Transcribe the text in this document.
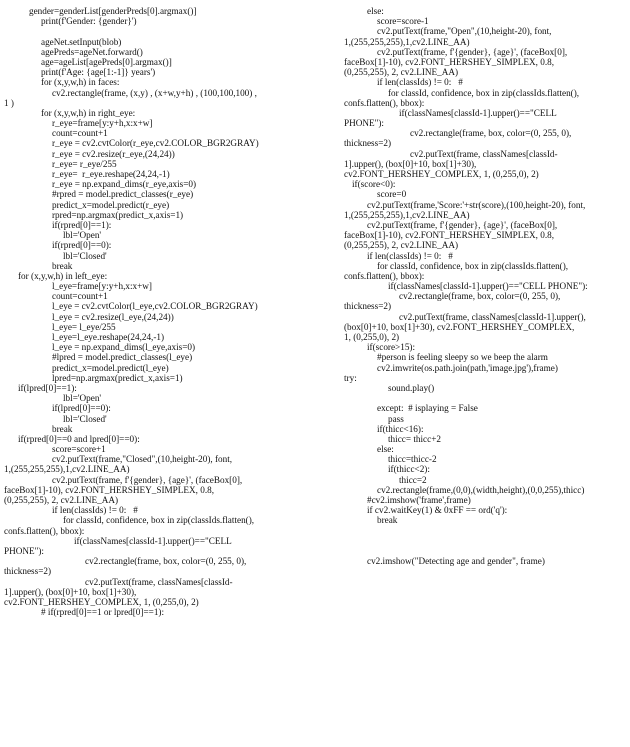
gender=genderList[genderPreds[0].argmax()]
print(f'Gender: {gender}')
ageNet.setInput(blob)
agePreds=ageNet.forward()
age=ageList[agePreds[0].argmax()]
print(f'Age: {age[1:-1]} years')
for (x,y,w,h) in faces:
cv2.rectangle(frame, (x,y) , (x+w,y+h) , (100,100,100) ,
1 )
for (x,y,w,h) in right_eye:
r_eye=frame[y:y+h,x:x+w]
count=count+1
r_eye = cv2.cvtColor(r_eye,cv2.COLOR_BGR2GRAY)
r_eye = cv2.resize(r_eye,(24,24))
r_eye= r_eye/255
r_eye=  r_eye.reshape(24,24,-1)
r_eye = np.expand_dims(r_eye,axis=0)
#rpred = model.predict_classes(r_eye)
predict_x=model.predict(r_eye)
rpred=np.argmax(predict_x,axis=1)
if(rpred[0]==1):
lbl='Open'
if(rpred[0]==0):
lbl='Closed'
break
for (x,y,w,h) in left_eye:
l_eye=frame[y:y+h,x:x+w]
count=count+1
l_eye = cv2.cvtColor(l_eye,cv2.COLOR_BGR2GRAY)
l_eye = cv2.resize(l_eye,(24,24))
l_eye= l_eye/255
l_eye=l_eye.reshape(24,24,-1)
l_eye = np.expand_dims(l_eye,axis=0)
#lpred = model.predict_classes(l_eye)
predict_x=model.predict(l_eye)
lpred=np.argmax(predict_x,axis=1)
if(lpred[0]==1):
lbl='Open'
if(lpred[0]==0):
lbl='Closed'
break
if(rpred[0]==0 and lpred[0]==0):
score=score+1
cv2.putText(frame,"Closed",(10,height-20), font,
1,(255,255,255),1,cv2.LINE_AA)
cv2.putText(frame, f'{gender}, {age}', (faceBox[0],
faceBox[1]-10), cv2.FONT_HERSHEY_SIMPLEX, 0.8,
(0,255,255), 2, cv2.LINE_AA)
if len(classIds) != 0:   #
for classId, confidence, box in zip(classIds.flatten(),
confs.flatten(), bbox):
if(classNames[classId-1].upper()=="CELL
PHONE"):
cv2.rectangle(frame, box, color=(0, 255, 0),
thickness=2)
cv2.putText(frame, classNames[classId-
1].upper(), (box[0]+10, box[1]+30),
cv2.FONT_HERSHEY_COMPLEX, 1, (0,255,0), 2)
# if(rpred[0]==1 or lpred[0]==1):
else:
score=score-1
cv2.putText(frame,"Open",(10,height-20), font,
1,(255,255,255),1,cv2.LINE_AA)
cv2.putText(frame, f'{gender}, {age}', (faceBox[0],
faceBox[1]-10), cv2.FONT_HERSHEY_SIMPLEX, 0.8,
(0,255,255), 2, cv2.LINE_AA)
if len(classIds) != 0:   #
for classId, confidence, box in zip(classIds.flatten(),
confs.flatten(), bbox):
if(classNames[classId-1].upper()=="CELL
PHONE"):
cv2.rectangle(frame, box, color=(0, 255, 0),
thickness=2)
cv2.putText(frame, classNames[classId-
1].upper(), (box[0]+10, box[1]+30),
cv2.FONT_HERSHEY_COMPLEX, 1, (0,255,0), 2)
if(score<0):
score=0
cv2.putText(frame,'Score:'+str(score),(100,height-20), font,
1,(255,255,255),1,cv2.LINE_AA)
cv2.putText(frame, f'{gender}, {age}', (faceBox[0],
faceBox[1]-10), cv2.FONT_HERSHEY_SIMPLEX, 0.8,
(0,255,255), 2, cv2.LINE_AA)
if len(classIds) != 0:   #
for classId, confidence, box in zip(classIds.flatten(),
confs.flatten(), bbox):
if(classNames[classId-1].upper()=="CELL PHONE"):
cv2.rectangle(frame, box, color=(0, 255, 0),
thickness=2)
cv2.putText(frame, classNames[classId-1].upper(),
(box[0]+10, box[1]+30), cv2.FONT_HERSHEY_COMPLEX,
1, (0,255,0), 2)
if(score>15):
#person is feeling sleepy so we beep the alarm
cv2.imwrite(os.path.join(path,'image.jpg'),frame)
try:
sound.play()
except:  # isplaying = False
pass
if(thicc<16):
thicc= thicc+2
else:
thicc=thicc-2
if(thicc<2):
thicc=2
cv2.rectangle(frame,(0,0),(width,height),(0,0,255),thicc)
#cv2.imshow('frame',frame)
if cv2.waitKey(1) & 0xFF == ord('q'):
break
cv2.imshow("Detecting age and gender", frame)
